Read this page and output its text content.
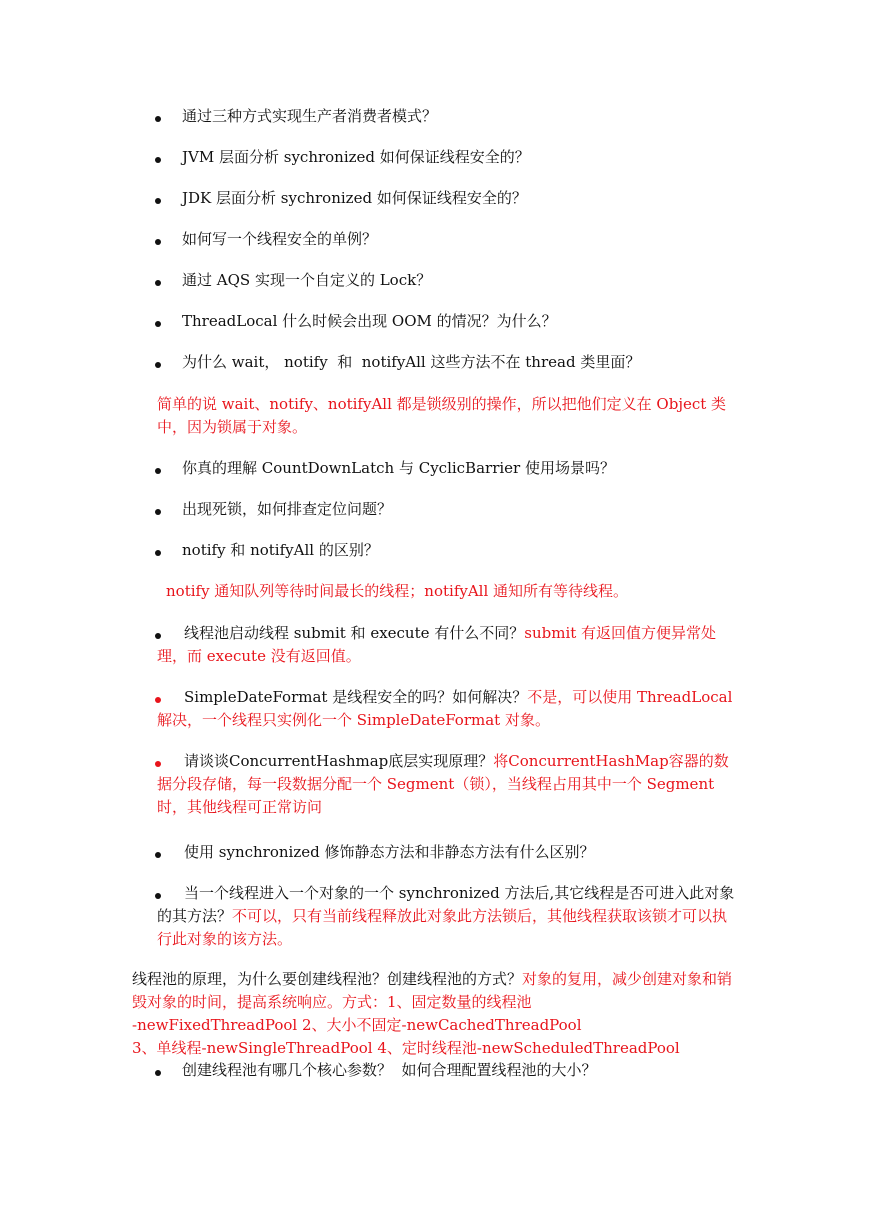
通过三种方式实现生产者消费者模式？
JVM 层面分析 sychronized 如何保证线程安全的？
JDK 层面分析 sychronized 如何保证线程安全的？
如何写一个线程安全的单例？
通过 AQS 实现一个自定义的 Lock？
ThreadLocal 什么时候会出现 OOM 的情况？为什么？
为什么 wait， notify  和  notifyAll 这些方法不在 thread 类里面？
简单的说 wait、notify、notifyAll 都是锁级别的操作，所以把他们定义在 Object 类中，因为锁属于对象。
你真的理解 CountDownLatch 与 CyclicBarrier 使用场景吗？
出现死锁，如何排查定位问题？
notify 和 notifyAll 的区别？
notify 通知队列等待时间最长的线程；notifyAll 通知所有等待线程。
线程池启动线程 submit 和 execute 有什么不同？submit 有返回值方便异常处理，而 execute 没有返回值。
SimpleDateFormat 是线程安全的吗？如何解决？不是，可以使用 ThreadLocal 解决，一个线程只实例化一个 SimpleDateFormat 对象。
请谈谈ConcurrentHashmap底层实现原理？将ConcurrentHashMap容器的数据分段存储，每一段数据分配一个 Segment（锁），当线程占用其中一个 Segment 时，其他线程可正常访问
使用 synchronized 修饰静态方法和非静态方法有什么区别？
当一个线程进入一个对象的一个 synchronized 方法后,其它线程是否可进入此对象的其方法？不可以，只有当前线程释放此对象此方法锁后，其他线程获取该锁才可以执行此对象的该方法。
线程池的原理，为什么要创建线程池？创建线程池的方式？对象的复用，减少创建对象和销毁对象的时间，提高系统响应。方式：1、固定数量的线程池
-newFixedThreadPool 2、大小不固定-newCachedThreadPool
3、单线程-newSingleThreadPool 4、定时线程池-newScheduledThreadPool
创建线程池有哪几个核心参数？  如何合理配置线程池的大小？
